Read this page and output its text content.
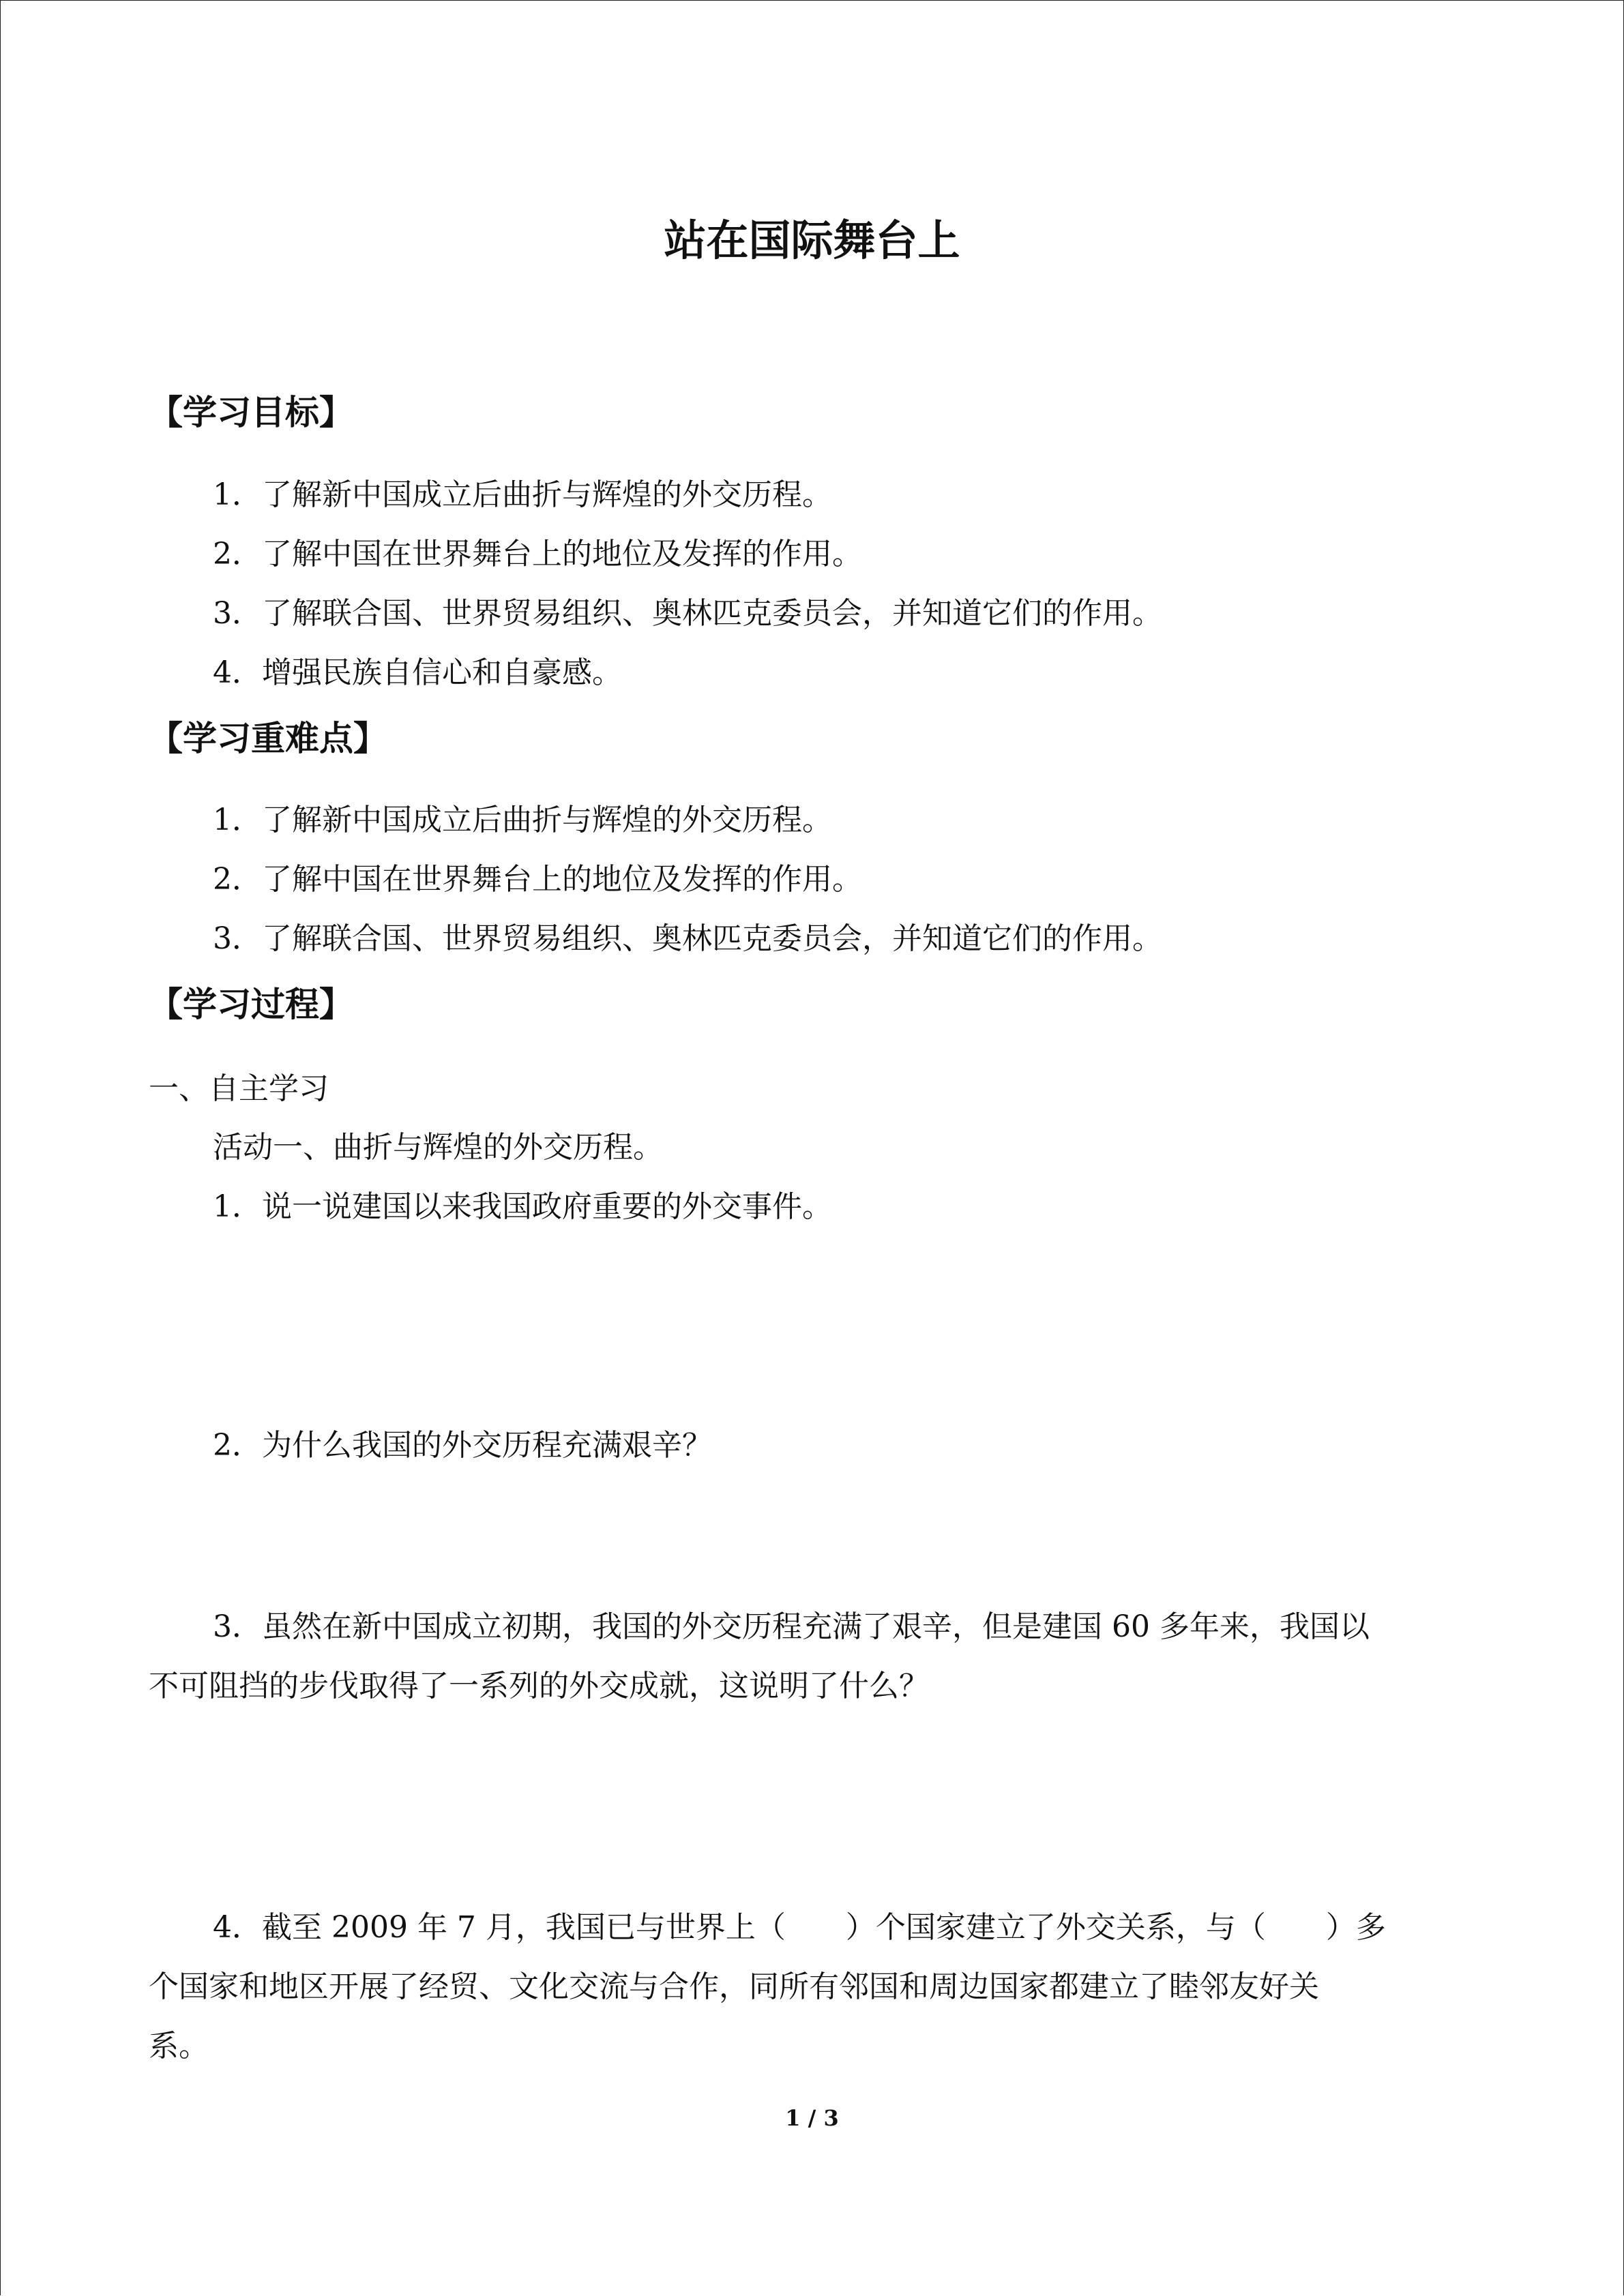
站在国际舞台上
【学习目标】
1．了解新中国成立后曲折与辉煌的外交历程。
2．了解中国在世界舞台上的地位及发挥的作用。
3．了解联合国、世界贸易组织、奥林匹克委员会，并知道它们的作用。
4．增强民族自信心和自豪感。
【学习重难点】
1．了解新中国成立后曲折与辉煌的外交历程。
2．了解中国在世界舞台上的地位及发挥的作用。
3．了解联合国、世界贸易组织、奥林匹克委员会，并知道它们的作用。
【学习过程】
一、自主学习
活动一、曲折与辉煌的外交历程。
1．说一说建国以来我国政府重要的外交事件。
2．为什么我国的外交历程充满艰辛？
3．虽然在新中国成立初期，我国的外交历程充满了艰辛，但是建国 60 多年来，我国以
不可阻挡的步伐取得了一系列的外交成就，这说明了什么？
4．截至 2009 年 7 月，我国已与世界上（　　）个国家建立了外交关系，与（　　）多
个国家和地区开展了经贸、文化交流与合作，同所有邻国和周边国家都建立了睦邻友好关
系。
1 / 3
